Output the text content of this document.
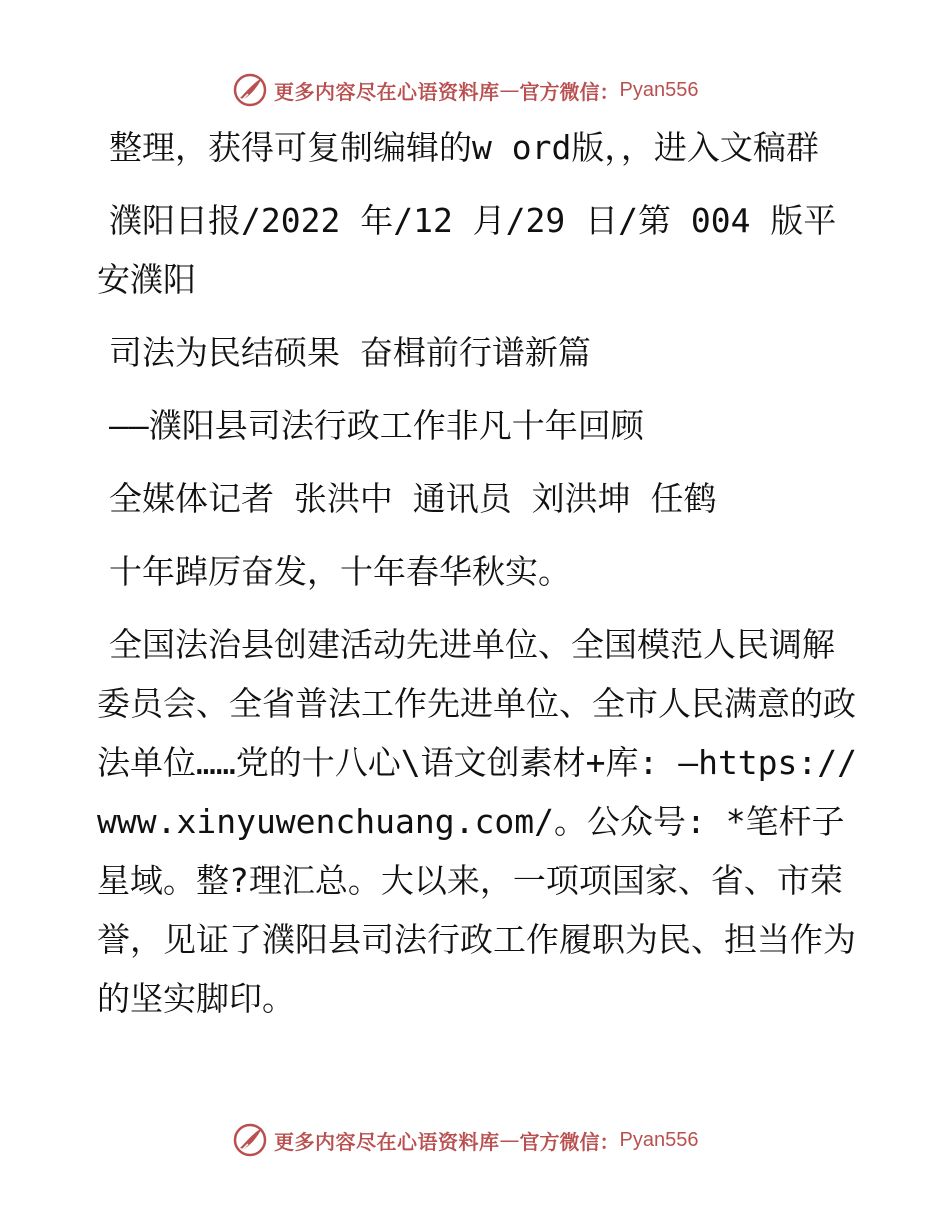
更多内容尽在心语资料库 — 官方微信： Pyan556

整理，获得可复制编辑的w ord版，，进入文稿群

濮阳日报/2022 年/12 月/29 日/第 004 版平安濮阳

司法为民结硕果 奋楫前行谱新篇

——濮阳县司法行政工作非凡十年回顾

全媒体记者 张洪中 通讯员 刘洪坤 任鹤

十年踔厉奋发，十年春华秋实。

全国法治县创建活动先进单位、全国模范人民调解委员会、全省普法工作先进单位、全市人民满意的政法单位……党的十八心\语文创素材+库: —https://www.xinyuwenchuang.com/。公众号: *笔杆子星域。整?理汇总。大以来，一项项国家、省、市荣誉，见证了濮阳县司法行政工作履职为民、担当作为的坚实脚印。

更多内容尽在心语资料库 — 官方微信： Pyan556
